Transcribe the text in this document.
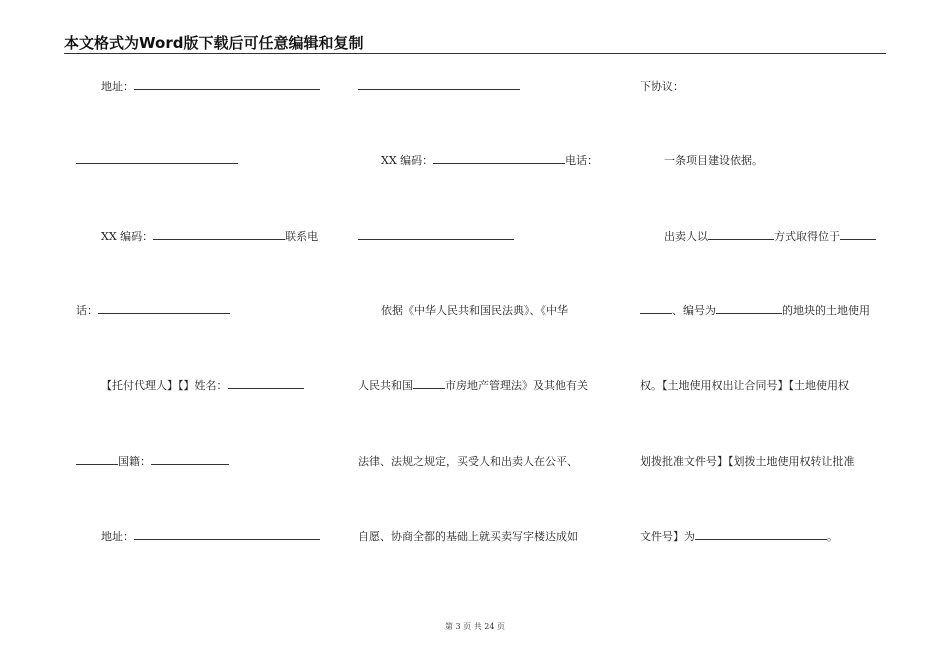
本文格式为Word版下载后可任意编辑和复制
地址：
XX 编码：	联系电
话：
【托付代理人】【】姓名：
国籍：
地址：
XX 编码：	电话：
依据《中华人民共和国民法典》、《中华
人民共和国	市房地产管理法》及其他有关
法律、法规之规定，买受人和出卖人在公平、
自愿、协商全都的基础上就买卖写字楼达成如
下协议：
一条项目建设依据。
出卖人以	方式取得位于
、编号为	的地块的土地使用
权。【土地使用权出让合同号】【土地使用权
划拨批准文件号】【划拨土地使用权转让批准
文件号】为	。
第 3 页 共 24 页
